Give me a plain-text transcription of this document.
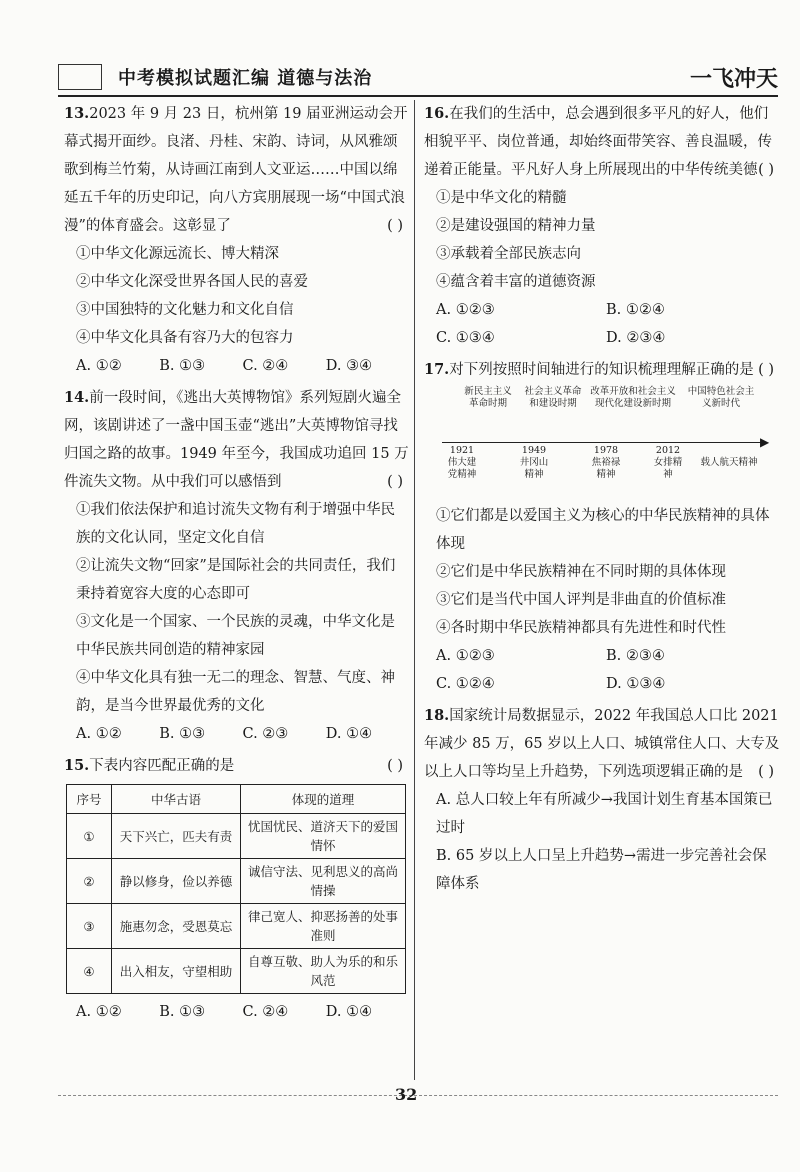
中考模拟试题汇编 道德与法治	一飞冲天
13.2023 年 9 月 23 日，杭州第 19 届亚洲运动会开幕式揭开面纱。良渚、丹桂、宋韵、诗词，从风雅颂歌到梅兰竹菊，从诗画江南到人文亚运……中国以绵延五千年的历史印记，向八方宾朋展现一场“中国式浪漫”的体育盛会。这彰显了	( )
①中华文化源远流长、博大精深
②中华文化深受世界各国人民的喜爱
③中国独特的文化魅力和文化自信
④中华文化具备有容乃大的包容力
A. ①②	B. ①③	C. ②④	D. ③④
14.前一段时间，《逃出大英博物馆》系列短剧火遍全网，该剧讲述了一盏中国玉壶“逃出”大英博物馆寻找归国之路的故事。1949 年至今，我国成功追回 15 万件流失文物。从中我们可以感悟到	( )
①我们依法保护和追讨流失文物有利于增强中华民族的文化认同，坚定文化自信
②让流失文物“回家”是国际社会的共同责任，我们秉持着宽容大度的心态即可
③文化是一个国家、一个民族的灵魂，中华文化是中华民族共同创造的精神家园
④中华文化具有独一无二的理念、智慧、气度、神韵，是当今世界最优秀的文化
A. ①②	B. ①③	C. ②③	D. ①④
15.下表内容匹配正确的是	( )
序号	中华古语	体现的道理
①	天下兴亡，匹夫有责	忧国忧民、道济天下的爱国情怀
②	静以修身，俭以养德	诚信守法、见利思义的高尚情操
③	施惠勿念，受恩莫忘	律己宽人、抑恶扬善的处事准则
④	出入相友，守望相助	自尊互敬、助人为乐的和乐风范
A. ①②	B. ①③	C. ②④	D. ①④
16.在我们的生活中，总会遇到很多平凡的好人，他们相貌平平、岗位普通，却始终面带笑容、善良温暖，传递着正能量。平凡好人身上所展现出的中华传统美德 ( )
①是中华文化的精髓
②是建设强国的精神力量
③承载着全部民族志向
④蕴含着丰富的道德资源
A. ①②③	B. ①②④
C. ①③④	D. ②③④
17.对下列按照时间轴进行的知识梳理理解正确的是 ( )
新民主主义革命时期
社会主义革命和建设时期
改革开放和社会主义现代化建设新时期
中国特色社会主义新时代
▶
1921	1949	1978	2012
伟大建党精神
井冈山精神
焦裕禄精神
女排精神
载人航天精神
①它们都是以爱国主义为核心的中华民族精神的具体体现
②它们是中华民族精神在不同时期的具体体现
③它们是当代中国人评判是非曲直的价值标准
④各时期中华民族精神都具有先进性和时代性
A. ①②③	B. ②③④
C. ①②④	D. ①③④
18.国家统计局数据显示，2022 年我国总人口比 2021 年减少 85 万，65 岁以上人口、城镇常住人口、大专及以上人口等均呈上升趋势，下列选项逻辑正确的是 ( )
A. 总人口较上年有所减少→我国计划生育基本国策已过时
B. 65 岁以上人口呈上升趋势→需进一步完善社会保障体系
32
